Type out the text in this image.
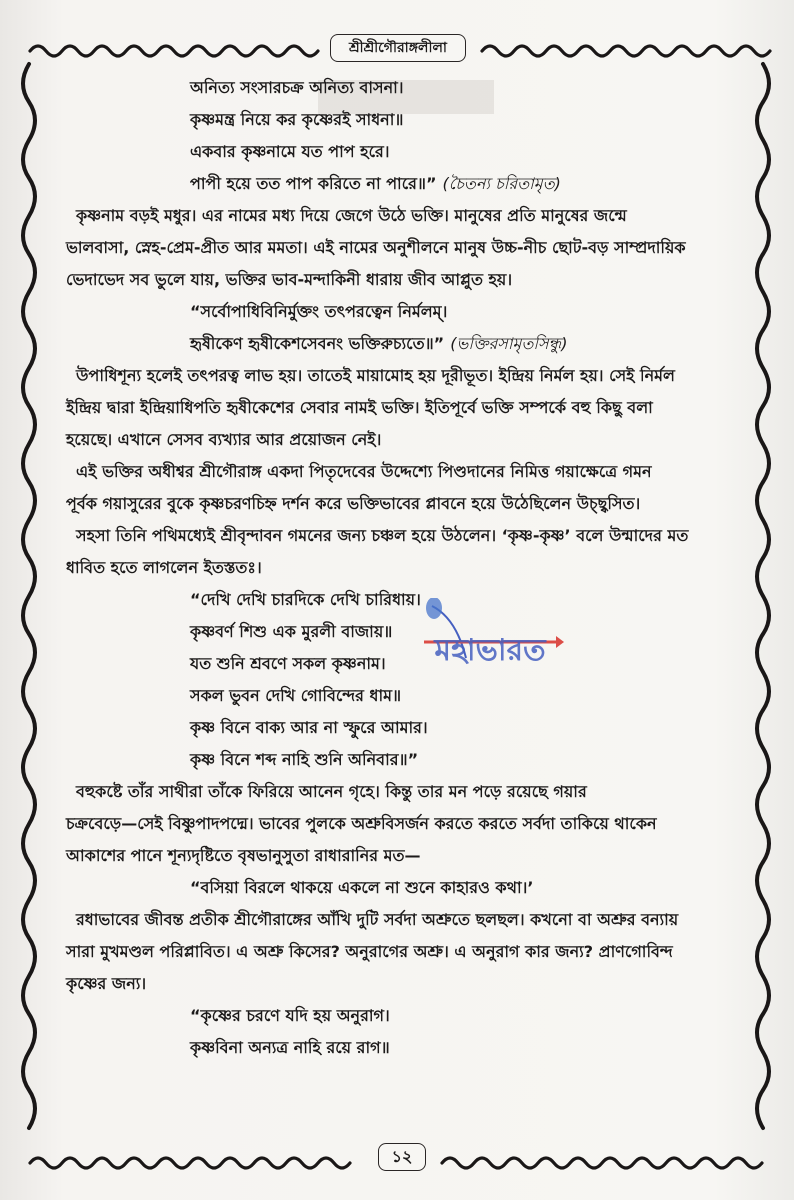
শ্রীশ্রীগৌরাঙ্গলীলা
অনিত্য সংসারচক্র অনিত্য বাসনা।
কৃষ্ণমন্ত্র নিয়ে কর কৃষ্ণেরই সাধনা॥
একবার কৃষ্ণনামে যত পাপ হরে।
পাপী হয়ে তত পাপ করিতে না পারে॥” (চৈতন্য চরিতামৃত)
কৃষ্ণনাম বড়ই মধুর। এর নামের মধ্য দিয়ে জেগে উঠে ভক্তি। মানুষের প্রতি মানুষের জন্মে
ভালবাসা, স্নেহ-প্রেম-প্রীত আর মমতা। এই নামের অনুশীলনে মানুষ উচ্চ-নীচ ছোট-বড় সাম্প্রদায়িক
ভেদাভেদ সব ভুলে যায়, ভক্তির ভাব-মন্দাকিনী ধারায় জীব আপ্লুত হয়।
“সর্বোপাধিবিনির্মুক্তং তৎপরত্বেন নির্মলম্।
হৃষীকেণ হৃষীকেশসেবনং ভক্তিরুচ্যতে॥” (ভক্তিরসামৃতসিন্ধু)
উপাধিশূন্য হলেই তৎপরত্ব লাভ হয়। তাতেই মায়ামোহ হয় দূরীভূত। ইন্দ্রিয় নির্মল হয়। সেই নির্মল
ইন্দ্রিয় দ্বারা ইন্দ্রিয়াধিপতি হৃষীকেশের সেবার নামই ভক্তি। ইতিপূর্বে ভক্তি সম্পর্কে বহু কিছু বলা
হয়েছে। এখানে সেসব ব্যখ্যার আর প্রয়োজন নেই।
এই ভক্তির অধীশ্বর শ্রীগৌরাঙ্গ একদা পিতৃদেবের উদ্দেশ্যে পিণ্ডদানের নিমিত্ত গয়াক্ষেত্রে গমন
পূর্বক গয়াসুরের বুকে কৃষ্ণচরণচিহ্ন দর্শন করে ভক্তিভাবের প্লাবনে হয়ে উঠেছিলেন উচ্ছ্বসিত।
সহসা তিনি পথিমধ্যেই শ্রীবৃন্দাবন গমনের জন্য চঞ্চল হয়ে উঠলেন। ‘কৃষ্ণ-কৃষ্ণ’ বলে উন্মাদের মত
ধাবিত হতে লাগলেন ইতস্ততঃ।
“দেখি দেখি চারদিকে দেখি চারিধায়।
কৃষ্ণবর্ণ শিশু এক মুরলী বাজায়॥
যত শুনি শ্রবণে সকল কৃষ্ণনাম।
সকল ভুবন দেখি গোবিন্দের ধাম॥
কৃষ্ণ বিনে বাক্য আর না স্ফুরে আমার।
কৃষ্ণ বিনে শব্দ নাহি শুনি অনিবার॥”
বহুকষ্টে তাঁর সাথীরা তাঁকে ফিরিয়ে আনেন গৃহে। কিন্তু তার মন পড়ে রয়েছে গয়ার
চক্রবেড়ে—সেই বিষ্ণুপাদপদ্মে। ভাবের পুলকে অশ্রুবিসর্জন করতে করতে সর্বদা তাকিয়ে থাকেন
আকাশের পানে শূন্যদৃষ্টিতে বৃষভানুসুতা রাধারানির মত—
“বসিয়া বিরলে থাকয়ে একলে না শুনে কাহারও কথা।’
রধাভাবের জীবন্ত প্রতীক শ্রীগৌরাঙ্গের আঁখি দুটি সর্বদা অশ্রুতে ছলছল। কখনো বা অশ্রুর বন্যায়
সারা মুখমণ্ডল পরিপ্লাবিত। এ অশ্রু কিসের? অনুরাগের অশ্রু। এ অনুরাগ কার জন্য? প্রাণগোবিন্দ
কৃষ্ণের জন্য।
“কৃষ্ণের চরণে যদি হয় অনুরাগ।
কৃষ্ণবিনা অন্যত্র নাহি রয়ে রাগ॥
মহাভারত
১২
